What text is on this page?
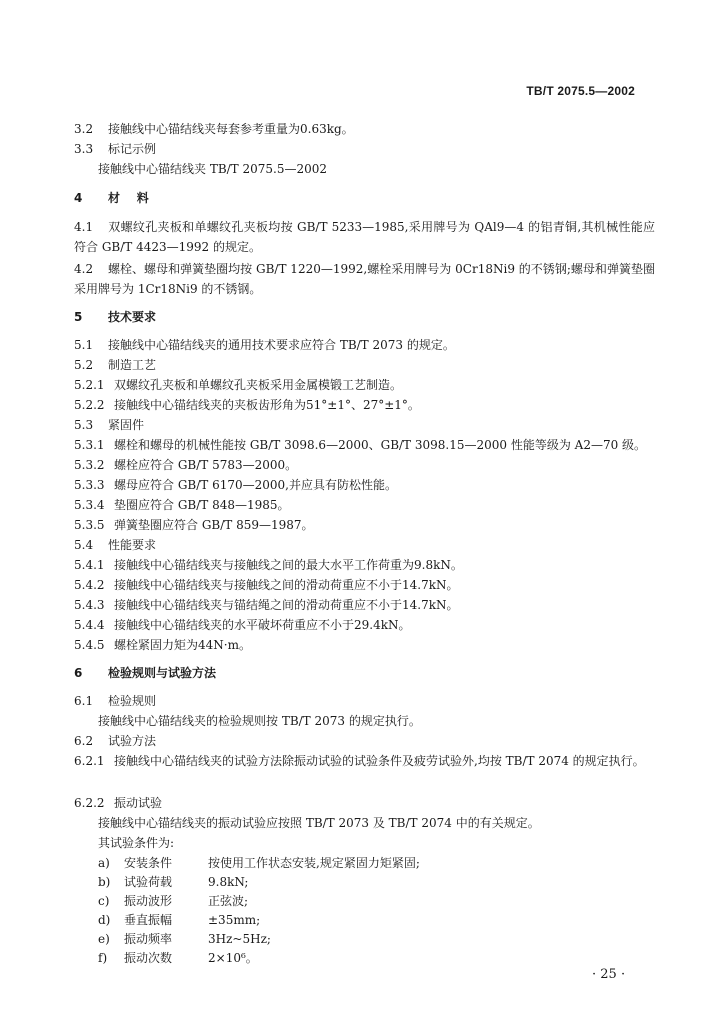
TB/T 2075.5—2002
3.2 接触线中心锚结线夹每套参考重量为0.63kg。
3.3 标记示例
接触线中心锚结线夹 TB/T 2075.5—2002
4 材    料
4.1 双螺纹孔夹板和单螺纹孔夹板均按 GB/T 5233—1985,采用牌号为 QAl9—4 的铝青铜,其机械性能应符合 GB/T 4423—1992 的规定。
4.2 螺栓、螺母和弹簧垫圈均按 GB/T 1220—1992,螺栓采用牌号为 0Cr18Ni9 的不锈钢;螺母和弹簧垫圈采用牌号为 1Cr18Ni9 的不锈钢。
5 技术要求
5.1 接触线中心锚结线夹的通用技术要求应符合 TB/T 2073 的规定。
5.2 制造工艺
5.2.1 双螺纹孔夹板和单螺纹孔夹板采用金属模锻工艺制造。
5.2.2 接触线中心锚结线夹的夹板齿形角为51°±1°、27°±1°。
5.3 紧固件
5.3.1 螺栓和螺母的机械性能按 GB/T 3098.6—2000、GB/T 3098.15—2000 性能等级为 A2—70 级。
5.3.2 螺栓应符合 GB/T 5783—2000。
5.3.3 螺母应符合 GB/T 6170—2000,并应具有防松性能。
5.3.4 垫圈应符合 GB/T 848—1985。
5.3.5 弹簧垫圈应符合 GB/T 859—1987。
5.4 性能要求
5.4.1 接触线中心锚结线夹与接触线之间的最大水平工作荷重为9.8kN。
5.4.2 接触线中心锚结线夹与接触线之间的滑动荷重应不小于14.7kN。
5.4.3 接触线中心锚结线夹与锚结绳之间的滑动荷重应不小于14.7kN。
5.4.4 接触线中心锚结线夹的水平破坏荷重应不小于29.4kN。
5.4.5 螺栓紧固力矩为44N·m。
6 检验规则与试验方法
6.1 检验规则
接触线中心锚结线夹的检验规则按 TB/T 2073 的规定执行。
6.2 试验方法
6.2.1 接触线中心锚结线夹的试验方法除振动试验的试验条件及疲劳试验外,均按 TB/T 2074 的规定执行。
6.2.2 振动试验
接触线中心锚结线夹的振动试验应按照 TB/T 2073 及 TB/T 2074 中的有关规定。
其试验条件为:
a) 安装条件	按使用工作状态安装,规定紧固力矩紧固;
b) 试验荷载	9.8kN;
c) 振动波形	正弦波;
d) 垂直振幅	±35mm;
e) 振动频率	3Hz~5Hz;
f) 振动次数	2×10⁶。
· 25 ·
